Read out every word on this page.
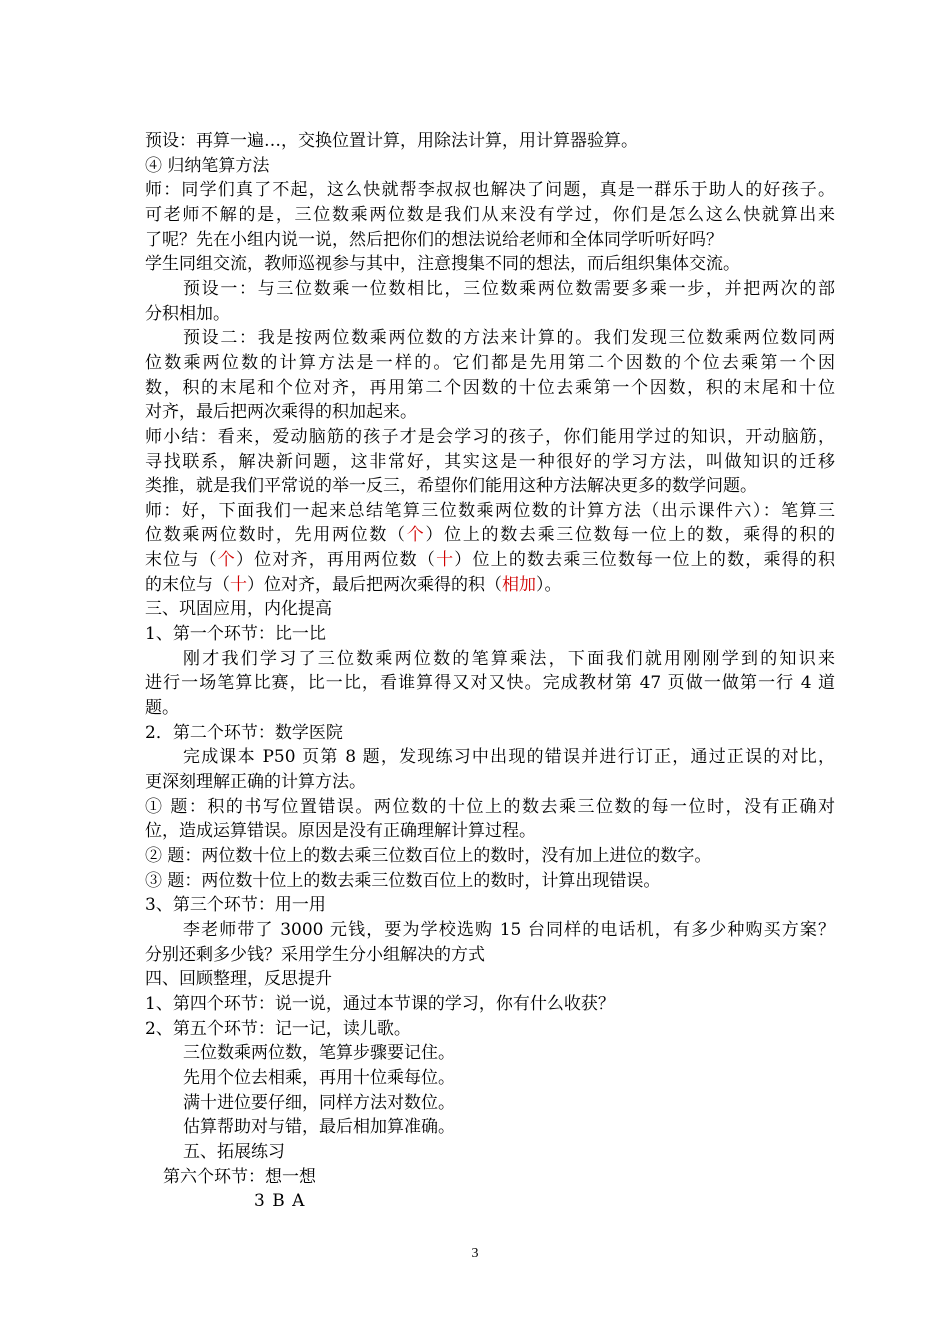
预设：再算一遍…，交换位置计算，用除法计算，用计算器验算。
④ 归纳笔算方法
师：同学们真了不起，这么快就帮李叔叔也解决了问题，真是一群乐于助人的好孩子。
可老师不解的是，三位数乘两位数是我们从来没有学过，你们是怎么这么快就算出来
了呢？先在小组内说一说，然后把你们的想法说给老师和全体同学听听好吗？
学生同组交流，教师巡视参与其中，注意搜集不同的想法，而后组织集体交流。
预设一：与三位数乘一位数相比，三位数乘两位数需要多乘一步，并把两次的部
分积相加。
预设二：我是按两位数乘两位数的方法来计算的。我们发现三位数乘两位数同两
位数乘两位数的计算方法是一样的。它们都是先用第二个因数的个位去乘第一个因
数，积的末尾和个位对齐，再用第二个因数的十位去乘第一个因数，积的末尾和十位
对齐，最后把两次乘得的积加起来。
师小结：看来，爱动脑筋的孩子才是会学习的孩子，你们能用学过的知识，开动脑筋，
寻找联系，解决新问题，这非常好，其实这是一种很好的学习方法，叫做知识的迁移
类推，就是我们平常说的举一反三，希望你们能用这种方法解决更多的数学问题。
师：好，下面我们一起来总结笔算三位数乘两位数的计算方法（出示课件六）：笔算三
位数乘两位数时，先用两位数（个）位上的数去乘三位数每一位上的数，乘得的积的
末位与（个）位对齐，再用两位数（十）位上的数去乘三位数每一位上的数，乘得的积
的末位与（十）位对齐，最后把两次乘得的积（相加）。
三、巩固应用，内化提高
1、第一个环节：比一比
刚才我们学习了三位数乘两位数的笔算乘法，下面我们就用刚刚学到的知识来
进行一场笔算比赛，比一比，看谁算得又对又快。完成教材第 47 页做一做第一行 4 道
题。
2．第二个环节：数学医院
完成课本 P50 页第 8 题，发现练习中出现的错误并进行订正，通过正误的对比，
更深刻理解正确的计算方法。
① 题：积的书写位置错误。两位数的十位上的数去乘三位数的每一位时，没有正确对
位，造成运算错误。原因是没有正确理解计算过程。
② 题：两位数十位上的数去乘三位数百位上的数时，没有加上进位的数字。
③ 题：两位数十位上的数去乘三位数百位上的数时，计算出现错误。
3、第三个环节：用一用
李老师带了 3000 元钱，要为学校选购 15 台同样的电话机，有多少种购买方案？
分别还剩多少钱？采用学生分小组解决的方式
四、回顾整理，反思提升
1、第四个环节：说一说，通过本节课的学习，你有什么收获？
2、第五个环节：记一记，读儿歌。
三位数乘两位数，笔算步骤要记住。
先用个位去相乘，再用十位乘每位。
满十进位要仔细，同样方法对数位。
估算帮助对与错，最后相加算准确。
五、拓展练习
第六个环节：想一想
3 B A
3
